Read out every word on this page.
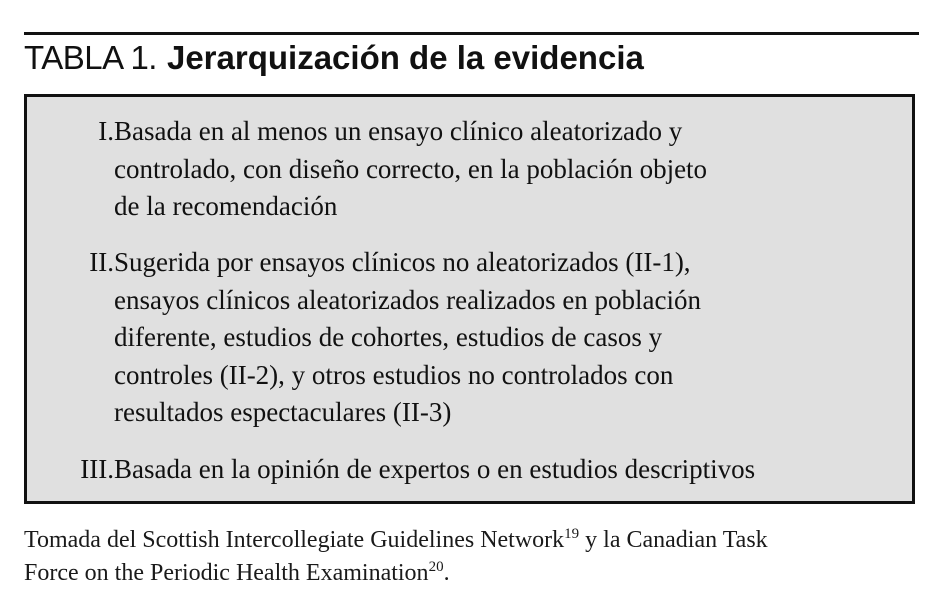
TABLA 1. Jerarquización de la evidencia
I. Basada en al menos un ensayo clínico aleatorizado y
controlado, con diseño correcto, en la población objeto
de la recomendación
II. Sugerida por ensayos clínicos no aleatorizados (II-1),
ensayos clínicos aleatorizados realizados en población
diferente, estudios de cohortes, estudios de casos y
controles (II-2), y otros estudios no controlados con
resultados espectaculares (II-3)
III. Basada en la opinión de expertos o en estudios descriptivos
Tomada del Scottish Intercollegiate Guidelines Network$^{19}$ y la Canadian Task
Force on the Periodic Health Examination$^{20}$.
